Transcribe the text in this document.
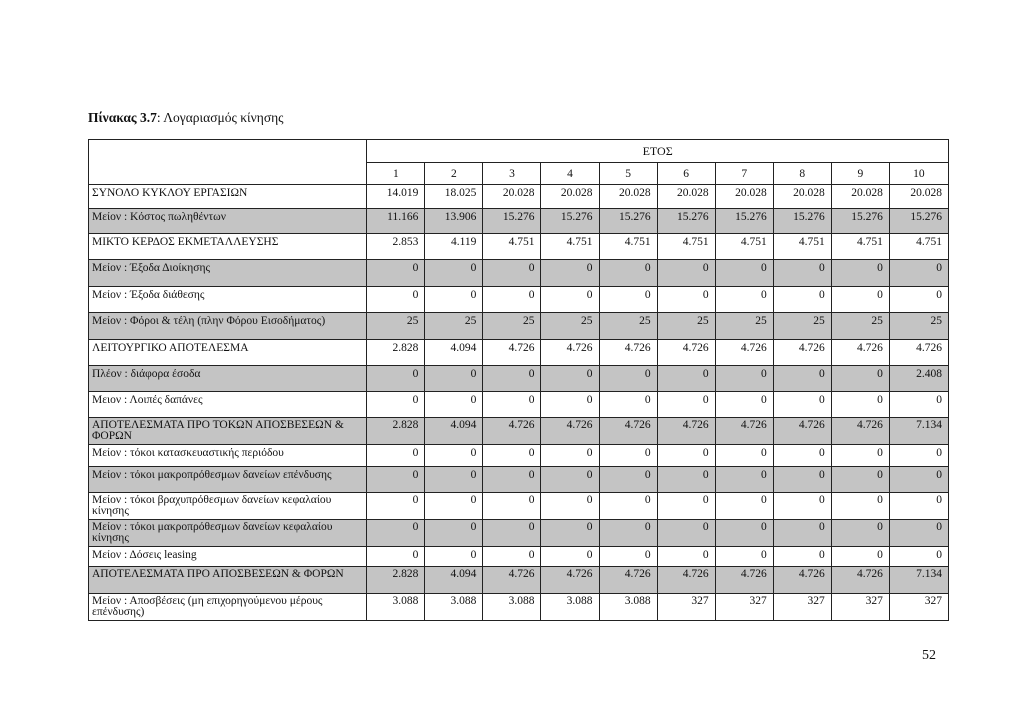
Πίνακας 3.7: Λογαριασμός κίνησης
	ΕΤΟΣ									
	1	2	3	4	5	6	7	8	9	10
ΣΥΝΟΛΟ ΚΥΚΛΟΥ ΕΡΓΑΣΙΩΝ	14.019	18.025	20.028	20.028	20.028	20.028	20.028	20.028	20.028	20.028
Μείον : Κόστος πωληθέντων	11.166	13.906	15.276	15.276	15.276	15.276	15.276	15.276	15.276	15.276
ΜΙΚΤΟ ΚΕΡΔΟΣ ΕΚΜΕΤΑΛΛΕΥΣΗΣ	2.853	4.119	4.751	4.751	4.751	4.751	4.751	4.751	4.751	4.751
Μείον : Έξοδα Διοίκησης	0	0	0	0	0	0	0	0	0	0
Μείον : Έξοδα διάθεσης	0	0	0	0	0	0	0	0	0	0
Μείον : Φόροι & τέλη (πλην Φόρου Εισοδήματος)	25	25	25	25	25	25	25	25	25	25
ΛΕΙΤΟΥΡΓΙΚΟ ΑΠΟΤΕΛΕΣΜΑ	2.828	4.094	4.726	4.726	4.726	4.726	4.726	4.726	4.726	4.726
Πλέον : διάφορα έσοδα	0	0	0	0	0	0	0	0	0	2.408
Μειον : Λοιπές δαπάνες	0	0	0	0	0	0	0	0	0	0
ΑΠΟΤΕΛΕΣΜΑΤΑ ΠΡΟ ΤΟΚΩΝ ΑΠΟΣΒΕΣΕΩΝ & ΦΟΡΩΝ	2.828	4.094	4.726	4.726	4.726	4.726	4.726	4.726	4.726	7.134
Μείον : τόκοι κατασκευαστικής περιόδου	0	0	0	0	0	0	0	0	0	0
Μείον : τόκοι μακροπρόθεσμων δανείων επένδυσης	0	0	0	0	0	0	0	0	0	0
Μείον : τόκοι βραχυπρόθεσμων δανείων κεφαλαίου κίνησης	0	0	0	0	0	0	0	0	0	0
Μείον : τόκοι μακροπρόθεσμων δανείων κεφαλαίου κίνησης	0	0	0	0	0	0	0	0	0	0
Μείον : Δόσεις leasing	0	0	0	0	0	0	0	0	0	0
ΑΠΟΤΕΛΕΣΜΑΤΑ ΠΡΟ ΑΠΟΣΒΕΣΕΩΝ & ΦΟΡΩΝ	2.828	4.094	4.726	4.726	4.726	4.726	4.726	4.726	4.726	7.134
Μείον : Αποσβέσεις (μη επιχορηγούμενου μέρους επένδυσης)	3.088	3.088	3.088	3.088	3.088	327	327	327	327	327
52
